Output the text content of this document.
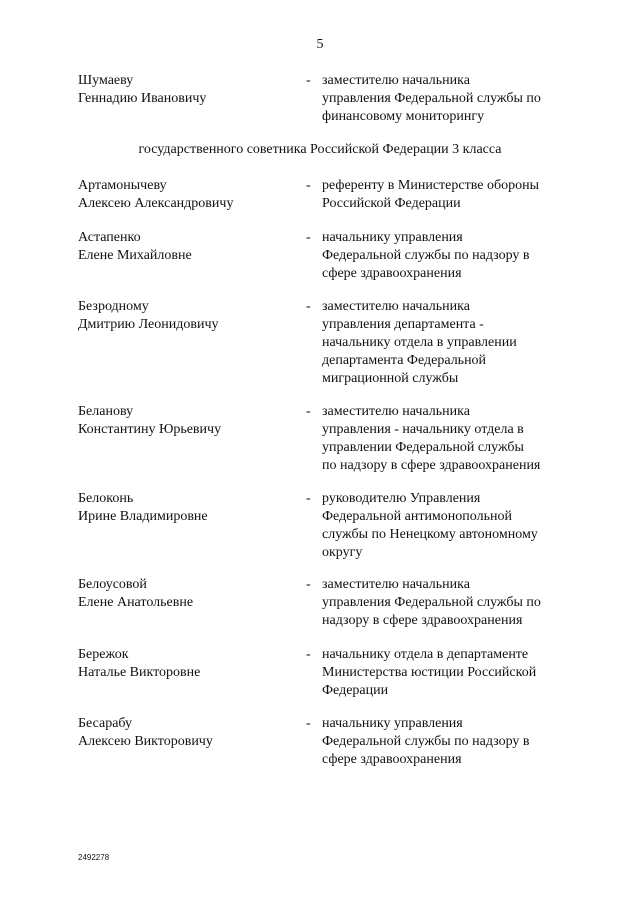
5
Шумаеву
Геннадию Ивановичу
- заместителю начальника
управления Федеральной службы по
финансовому мониторингу
государственного советника Российской Федерации 3 класса
Артамонычеву
Алексею Александровичу
- референту в Министерстве обороны
Российской Федерации
Астапенко
Елене Михайловне
- начальнику управления
Федеральной службы по надзору в
сфере здравоохранения
Безродному
Дмитрию Леонидовичу
- заместителю начальника
управления департамента -
начальнику отдела в управлении
департамента Федеральной
миграционной службы
Беланову
Константину Юрьевичу
- заместителю начальника
управления - начальнику отдела в
управлении Федеральной службы
по надзору в сфере здравоохранения
Белоконь
Ирине Владимировне
- руководителю Управления
Федеральной антимонопольной
службы по Ненецкому автономному
округу
Белоусовой
Елене Анатольевне
- заместителю начальника
управления Федеральной службы по
надзору в сфере здравоохранения
Бережок
Наталье Викторовне
- начальнику отдела в департаменте
Министерства юстиции Российской
Федерации
Бесарабу
Алексею Викторовичу
- начальнику управления
Федеральной службы по надзору в
сфере здравоохранения
2492278
